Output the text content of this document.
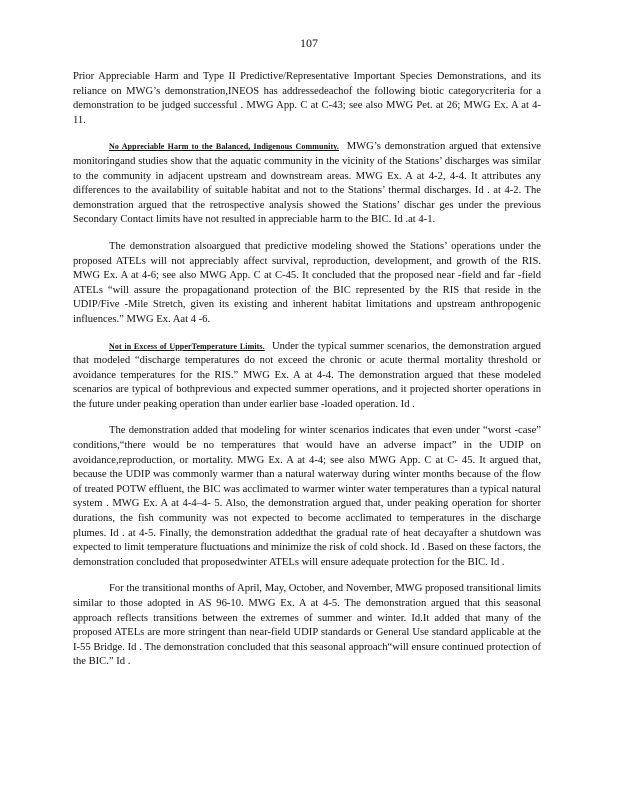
107

Prior Appreciable Harm and Type II Predictive/Representative Important Species Demonstrations, and its reliance on MWG’s demonstration,INEOS has addressedeachof the following biotic categorycriteria for a demonstration to be judged successful . MWG App. C at C-43; see also MWG Pet. at 26; MWG Ex. A at 4- 11.

No Appreciable Harm to the Balanced, Indigenous Community. MWG’s demonstration argued that extensive monitoringand studies show that the aquatic community in the vicinity of the Stations’ discharges was similar to the community in adjacent upstream and downstream areas. MWG Ex. A at 4-2, 4-4. It attributes any differences to the availability of suitable habitat and not to the Stations’ thermal discharges. Id . at 4-2. The demonstration argued that the retrospective analysis showed the Stations’ dischar ges under the previous Secondary Contact limits have not resulted in appreciable harm to the BIC. Id .at 4-1.

The demonstration alsoargued that predictive modeling showed the Stations’ operations under the proposed ATELs will not appreciably affect survival, reproduction, development, and growth of the RIS. MWG Ex. A at 4-6; see also MWG App. C at C-45. It concluded that the proposed near -field and far -field ATELs “will assure the propagationand protection of the BIC represented by the RIS that reside in the UDIP/Five -Mile Stretch, given its existing and inherent habitat limitations and upstream anthropogenic influences.” MWG Ex. Aat 4 -6.

Not in Excess of UpperTemperature Limits. Under the typical summer scenarios, the demonstration argued that modeled “discharge temperatures do not exceed the chronic or acute thermal mortality threshold or avoidance temperatures for the RIS.” MWG Ex. A at 4-4. The demonstration argued that these modeled scenarios are typical of bothprevious and expected summer operations, and it projected shorter operations in the future under peaking operation than under earlier base -loaded operation. Id .

The demonstration added that modeling for winter scenarios indicates that even under “worst -case” conditions,“there would be no temperatures that would have an adverse impact” in the UDIP on avoidance,reproduction, or mortality. MWG Ex. A at 4-4; see also MWG App. C at C- 45. It argued that, because the UDIP was commonly warmer than a natural waterway during winter months because of the flow of treated POTW effluent, the BIC was acclimated to warmer winter water temperatures than a typical natural system . MWG Ex. A at 4-4–4- 5. Also, the demonstration argued that, under peaking operation for shorter durations, the fish community was not expected to become acclimated to temperatures in the discharge plumes. Id . at 4-5. Finally, the demonstration addedthat the gradual rate of heat decayafter a shutdown was expected to limit temperature fluctuations and minimize the risk of cold shock. Id . Based on these factors, the demonstration concluded that proposedwinter ATELs will ensure adequate protection for the BIC. Id .

For the transitional months of April, May, October, and November, MWG proposed transitional limits similar to those adopted in AS 96-10. MWG Ex. A at 4-5. The demonstration argued that this seasonal approach reflects transitions between the extremes of summer and winter. Id.It added that many of the proposed ATELs are more stringent than near-field UDIP standards or General Use standard applicable at the I-55 Bridge. Id . The demonstration concluded that this seasonal approach“will ensure continued protection of the BIC.” Id .
